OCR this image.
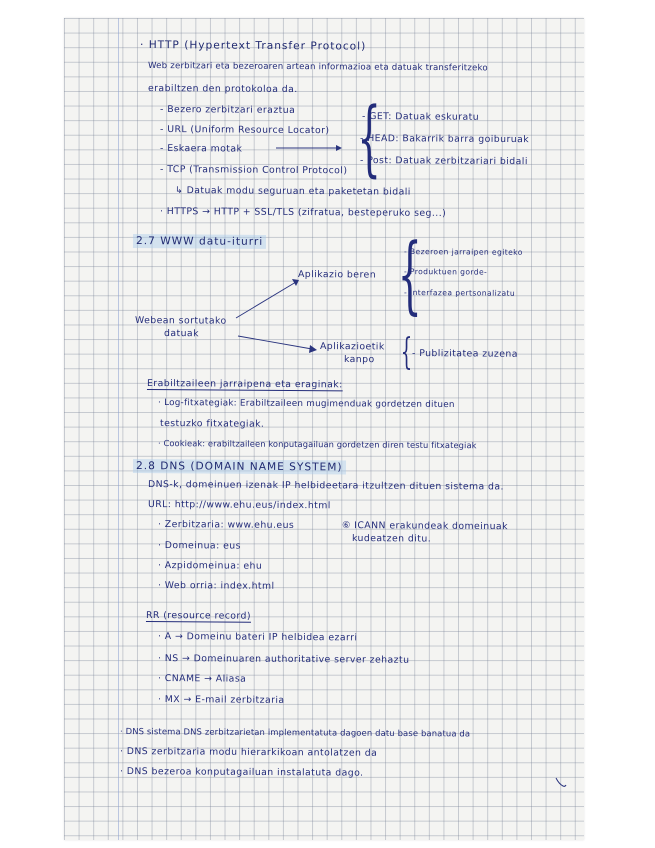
· HTTP (Hypertext Transfer Protocol)
Web zerbitzari eta bezeroaren artean informazioa eta datuak transferitzeko
erabiltzen den protokoloa da.
- Bezero zerbitzari eraztua
- URL (Uniform Resource Locator)
- Eskaera motak
- TCP (Transmission Control Protocol)
↳ Datuak modu seguruan eta paketetan bidali
{
- GET: Datuak eskuratu
- HEAD: Bakarrik barra goiburuak
- Post: Datuak zerbitzariari bidali
· HTTPS → HTTP + SSL/TLS (zifratua, besteperuko seg...)
2.7 WWW datu-iturri
Aplikazio beren {
- Bezeroen jarraipen egiteko
- Produktuen gorde-
- Interfazea pertsonalizatu
Webean sortutako
datuak
Aplikazioetik
kanpo { - Publizitatea zuzena
Erabiltzaileen jarraipena eta eraginak:
· Log-fitxategiak: Erabiltzaileen mugimenduak gordetzen dituen
testuzko fitxategiak.
· Cookieak: erabiltzaileen konputagailuan gordetzen diren testu fitxategiak
2.8 DNS (DOMAIN NAME SYSTEM)
DNS-k, domeinuen izenak IP helbideetara itzultzen dituen sistema da.
URL: http://www.ehu.eus/index.html
· Zerbitzaria: www.ehu.eus
· Domeinua: eus
· Azpidomeinua: ehu
· Web orria: index.html
⑥ ICANN erakundeak domeinuak
kudeatzen ditu.
RR (resource record)
· A → Domeinu bateri IP helbidea ezarri
· NS → Domeinuaren authoritative server zehaztu
· CNAME → Aliasa
· MX → E-mail zerbitzaria
· DNS sistema DNS zerbitzarietan implementatuta dagoen datu base banatua da
· DNS zerbitzaria modu hierarkikoan antolatzen da
· DNS bezeroa konputagailuan instalatuta dago.
